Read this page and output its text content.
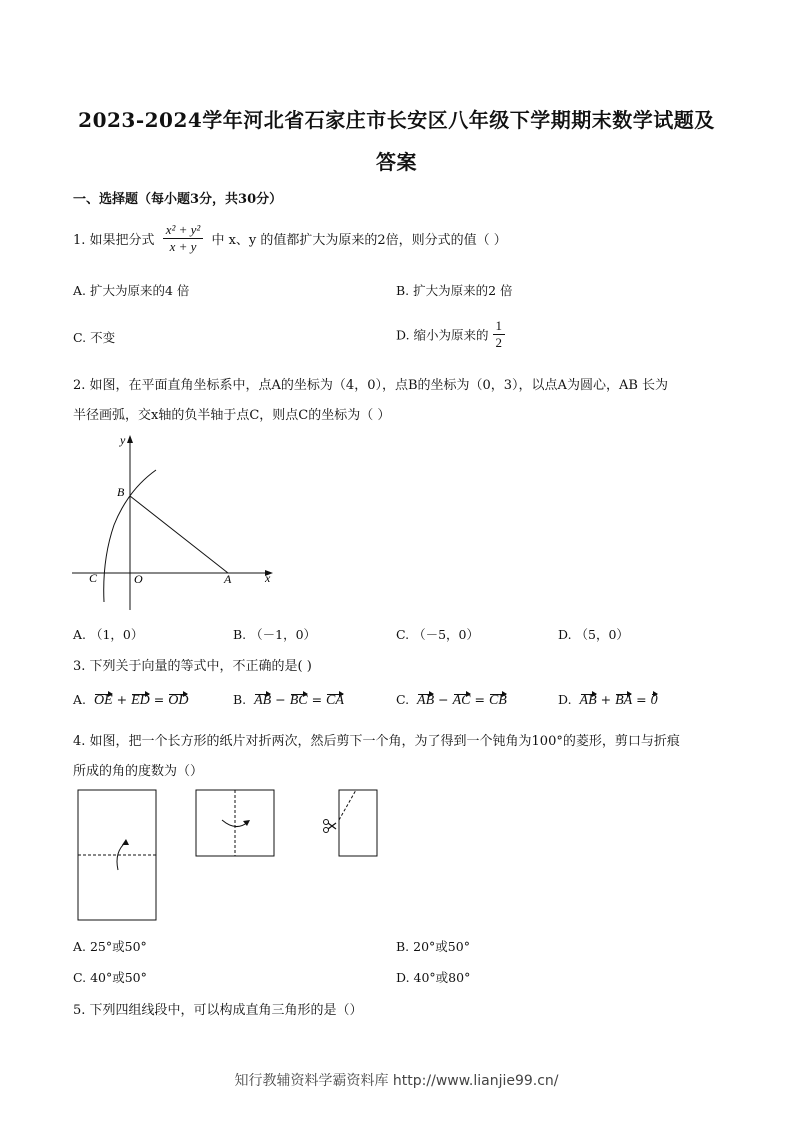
2023-2024学年河北省石家庄市长安区八年级下学期期末数学试题及
答案
一、选择题（每小题3分，共30分）
1. 如果把分式 $\frac{\text{x² + y²}}{x + y}$ 中 x、y 的值都扩大为原来的2倍，则分式的值（ ）
A. 扩大为原来的4 倍	B. 扩大为原来的2 倍
C. 不变	D. 缩小为原来的 $\frac{1}{2}$
2. 如图，在平面直角坐标系中，点A的坐标为（4，0），点B的坐标为（0，3），以点A为圆心，AB 长为
半径画弧，交x轴的负半轴于点C，则点C的坐标为（ ）
y
x
B
C	O	A
A. （1，0）	B. （－1，0）	C. （－5，0）	D. （5，0）
3. 下列关于向量的等式中，不正确的是( )
A. OE + ED = OD	B. AB − BC = CA	C. AB − AC = CB	D. AB + BA = 0
4. 如图，把一个长方形的纸片对折两次，然后剪下一个角，为了得到一个钝角为100°的菱形，剪口与折痕
所成的角的度数为（）
A. 25°或50°	B. 20°或50°
C. 40°或50°	D. 40°或80°
5. 下列四组线段中，可以构成直角三角形的是（）
知行教辅资料学霸资料库 http://www.lianjie99.cn/
